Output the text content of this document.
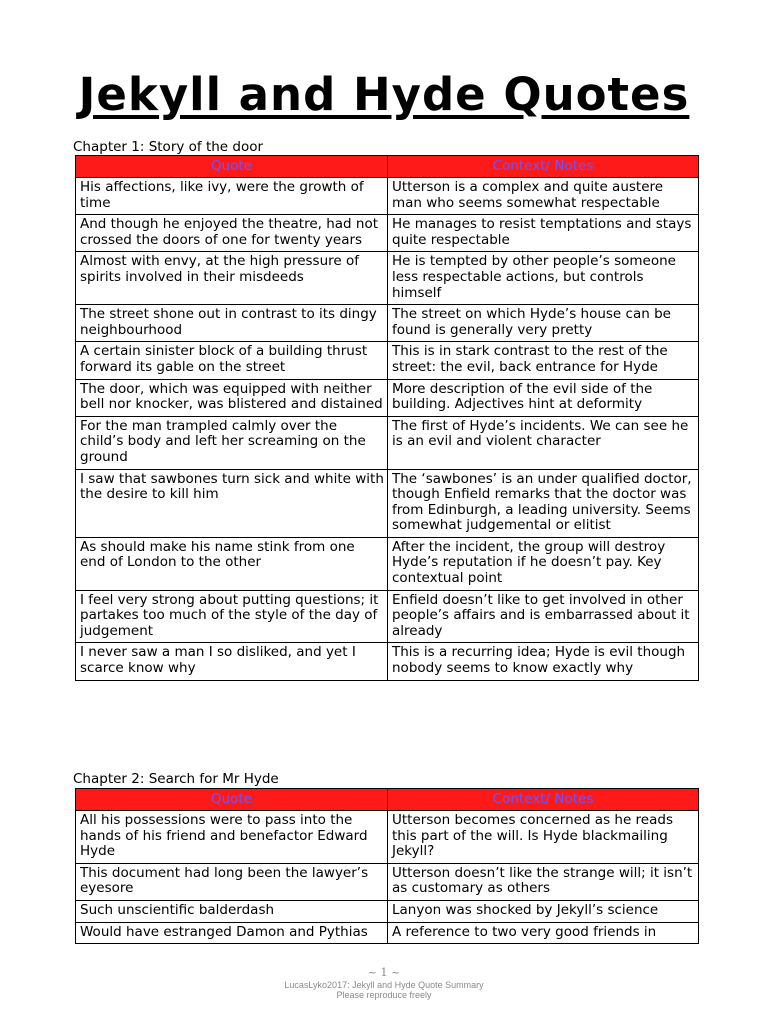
Jekyll and Hyde Quotes
Chapter 1: Story of the door
Quote	Context/ Notes
His affections, like ivy, were the growth of time	Utterson is a complex and quite austere man who seems somewhat respectable
And though he enjoyed the theatre, had not crossed the doors of one for twenty years	He manages to resist temptations and stays quite respectable
Almost with envy, at the high pressure of spirits involved in their misdeeds	He is tempted by other people’s someone less respectable actions, but controls himself
The street shone out in contrast to its dingy neighbourhood	The street on which Hyde’s house can be found is generally very pretty
A certain sinister block of a building thrust forward its gable on the street	This is in stark contrast to the rest of the street: the evil, back entrance for Hyde
The door, which was equipped with neither bell nor knocker, was blistered and distained	More description of the evil side of the building. Adjectives hint at deformity
For the man trampled calmly over the child’s body and left her screaming on the ground	The first of Hyde’s incidents. We can see he is an evil and violent character
I saw that sawbones turn sick and white with the desire to kill him	The ‘sawbones’ is an under qualified doctor, though Enfield remarks that the doctor was from Edinburgh, a leading university. Seems somewhat judgemental or elitist
As should make his name stink from one end of London to the other	After the incident, the group will destroy Hyde’s reputation if he doesn’t pay. Key contextual point
I feel very strong about putting questions; it partakes too much of the style of the day of judgement	Enfield doesn’t like to get involved in other people’s affairs and is embarrassed about it already
I never saw a man I so disliked, and yet I scarce know why	This is a recurring idea; Hyde is evil though nobody seems to know exactly why
Chapter 2: Search for Mr Hyde
Quote	Context/ Notes
All his possessions were to pass into the hands of his friend and benefactor Edward Hyde	Utterson becomes concerned as he reads this part of the will. Is Hyde blackmailing Jekyll?
This document had long been the lawyer’s eyesore	Utterson doesn’t like the strange will; it isn’t as customary as others
Such unscientific balderdash	Lanyon was shocked by Jekyll’s science
Would have estranged Damon and Pythias	A reference to two very good friends in
~ 1 ~
LucasLyko2017: Jekyll and Hyde Quote Summary
Please reproduce freely
